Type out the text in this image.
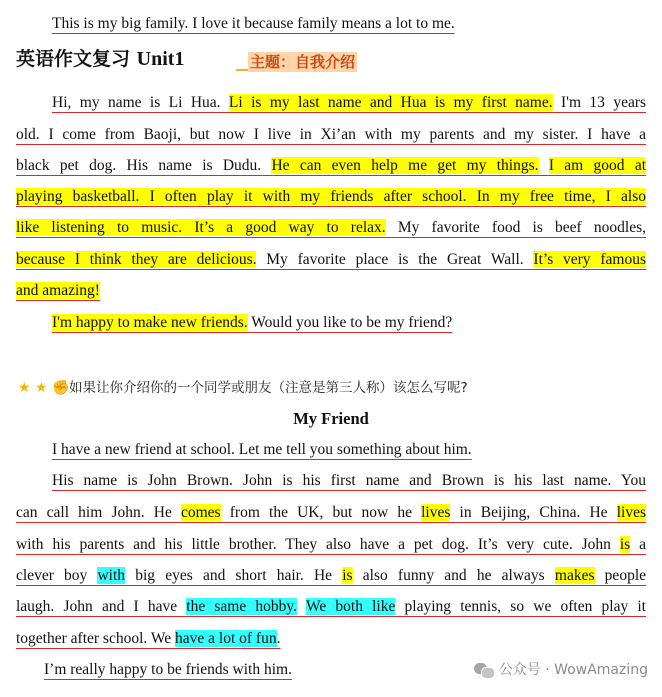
This is my big family. I love it because family means a lot to me.
英语作文复习 Unit1	主题：自我介绍
Hi, my name is Li Hua. Li is my last name and Hua is my first name. I'm 13 years
old. I come from Baoji, but now I live in Xi’an with my parents and my sister. I have a
black pet dog. His name is Dudu. He can even help me get my things. I am good at
playing basketball. I often play it with my friends after school. In my free time, I also
like listening to music. It’s a good way to relax. My favorite food is beef noodles,
because I think they are delicious. My favorite place is the Great Wall. It’s very famous
and amazing!
I'm happy to make new friends. Would you like to be my friend?
★ ★ ✊如果让你介绍你的一个同学或朋友（注意是第三人称）该怎么写呢?
My Friend
I have a new friend at school. Let me tell you something about him.
His name is John Brown. John is his first name and Brown is his last name. You
can call him John. He comes from the UK, but now he lives in Beijing, China. He lives
with his parents and his little brother. They also have a pet dog. It’s very cute. John is a
clever boy with big eyes and short hair. He is also funny and he always makes people
laugh. John and I have the same hobby. We both like playing tennis, so we often play it
together after school. We have a lot of fun.
I’m really happy to be friends with him.	公众号 · WowAmazing
